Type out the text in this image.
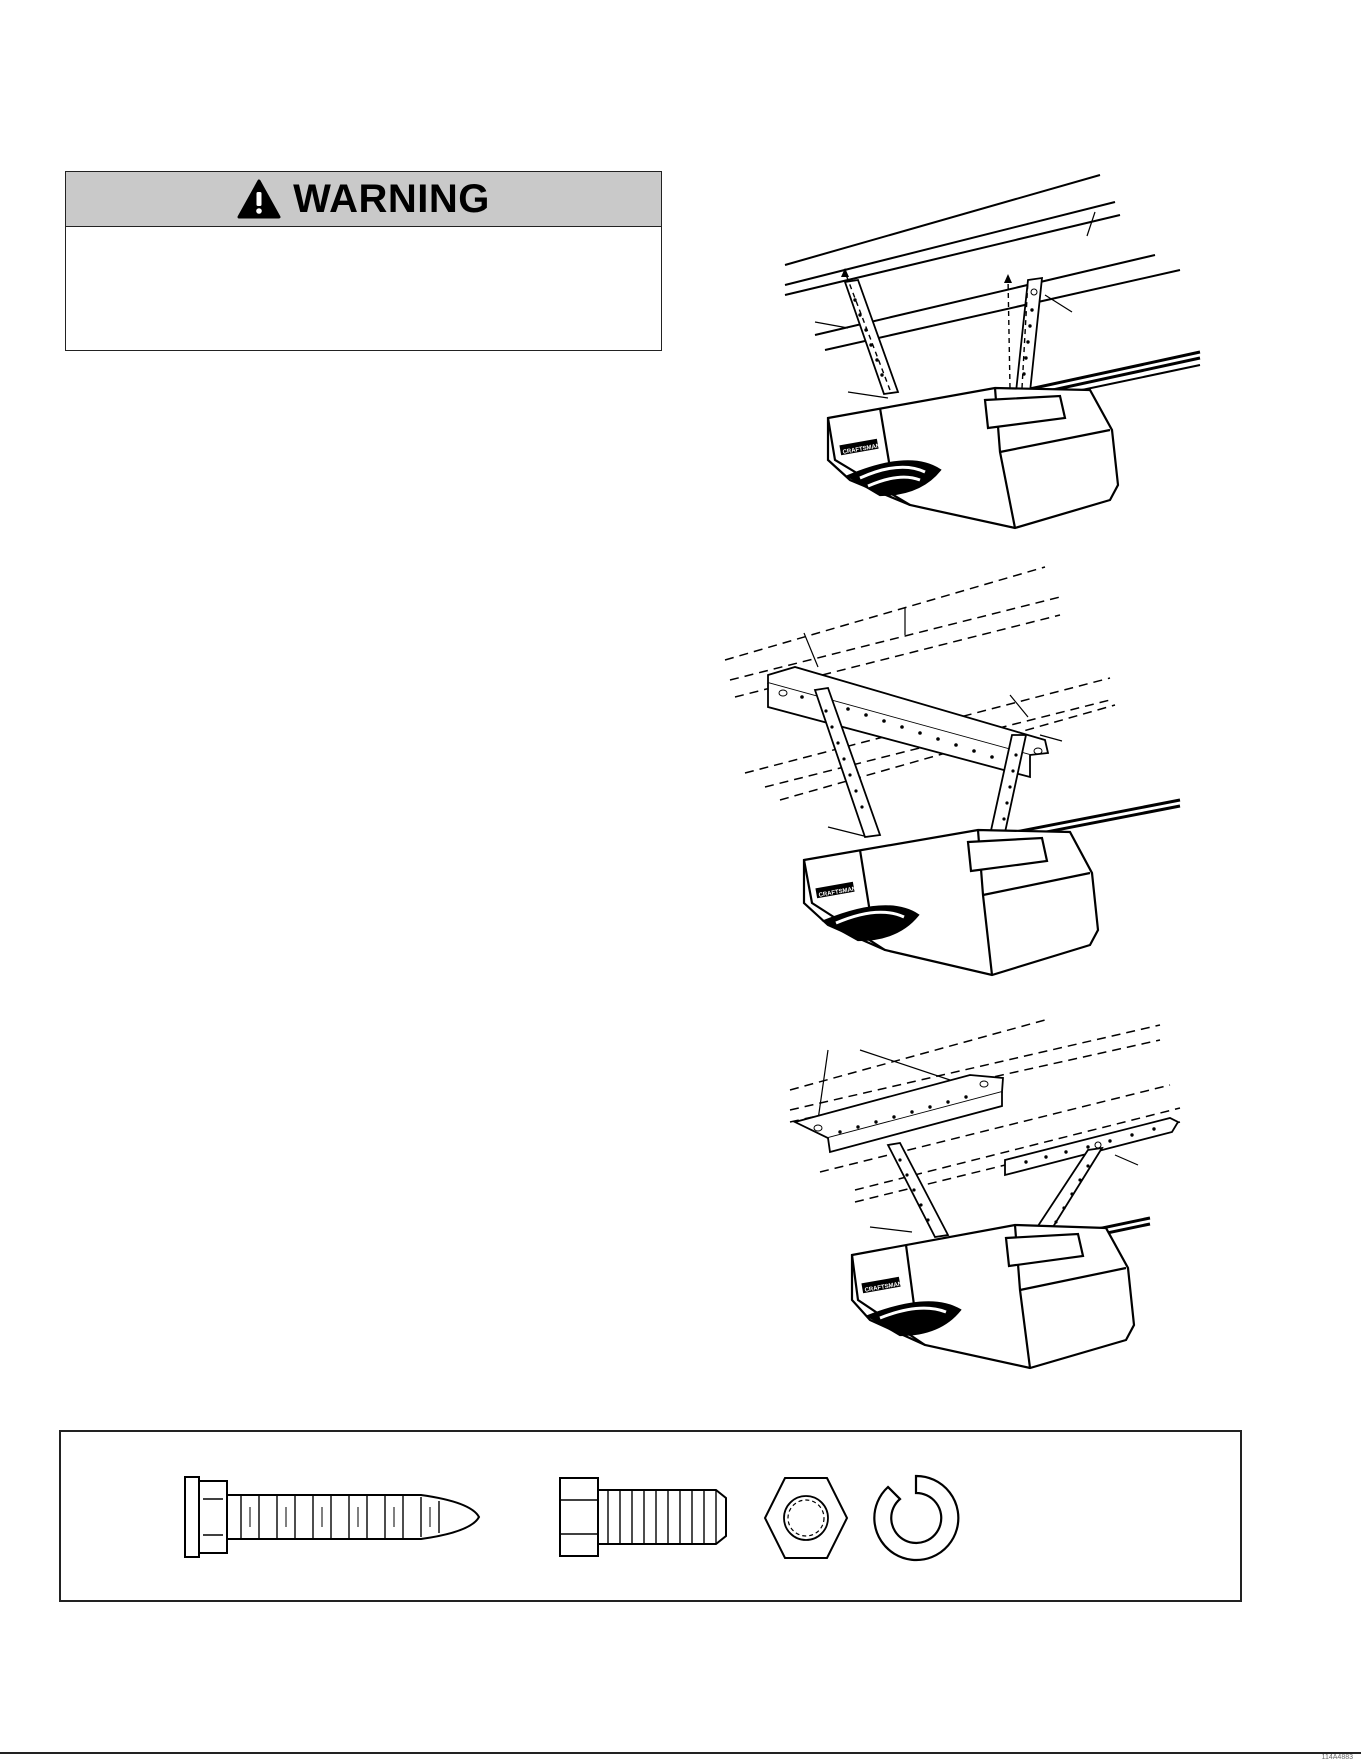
WARNING
CRAFTSMAN
CRAFTSMAN
CRAFTSMAN
114A4883
